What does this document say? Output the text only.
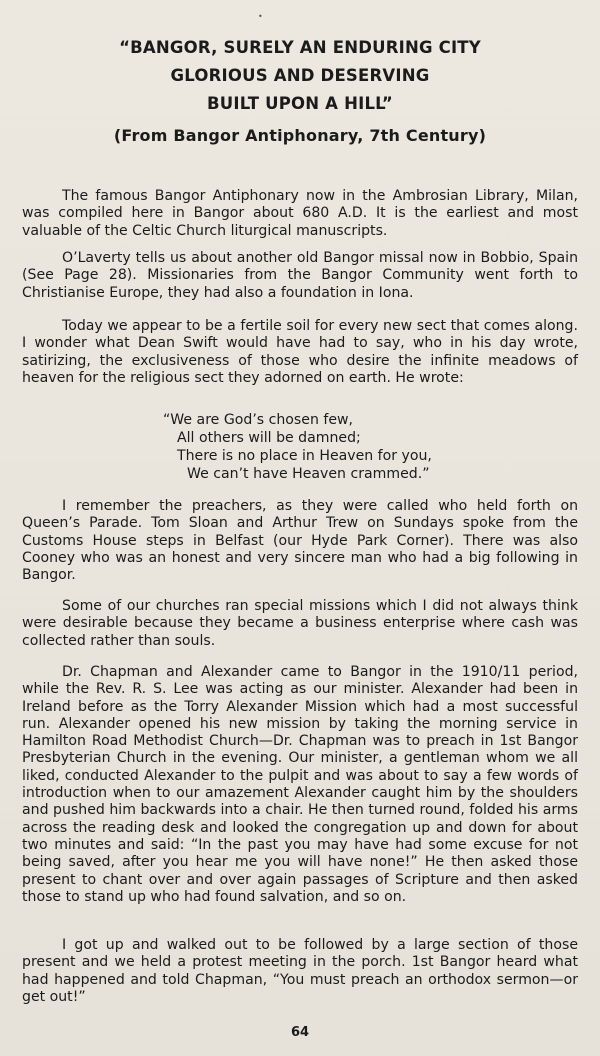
•
“BANGOR, SURELY AN ENDURING CITY
GLORIOUS AND DESERVING
BUILT UPON A HILL”
(From Bangor Antiphonary, 7th Century)

The famous Bangor Antiphonary now in the Ambrosian Library, Milan, was compiled here in Bangor about 680 A.D. It is the earliest and most valuable of the Celtic Church liturgical manuscripts.

O’Laverty tells us about another old Bangor missal now in Bobbio, Spain (See Page 28). Missionaries from the Bangor Community went forth to Christianise Europe, they had also a foundation in Iona.

Today we appear to be a fertile soil for every new sect that comes along. I wonder what Dean Swift would have had to say, who in his day wrote, satirizing, the exclusiveness of those who desire the infinite meadows of heaven for the religious sect they adorned on earth. He wrote:

“We are God’s chosen few,
All others will be damned;
There is no place in Heaven for you,
We can’t have Heaven crammed.”

I remember the preachers, as they were called who held forth on Queen’s Parade. Tom Sloan and Arthur Trew on Sundays spoke from the Customs House steps in Belfast (our Hyde Park Corner). There was also Cooney who was an honest and very sincere man who had a big following in Bangor.

Some of our churches ran special missions which I did not always think were desirable because they became a business enterprise where cash was collected rather than souls.

Dr. Chapman and Alexander came to Bangor in the 1910/11 period, while the Rev. R. S. Lee was acting as our minister. Alexander had been in Ireland before as the Torry Alexander Mission which had a most successful run. Alexander opened his new mission by taking the morning service in Hamilton Road Methodist Church—Dr. Chapman was to preach in 1st Bangor Presbyterian Church in the evening. Our minister, a gentleman whom we all liked, conducted Alexander to the pulpit and was about to say a few words of introduction when to our amazement Alexander caught him by the shoulders and pushed him backwards into a chair. He then turned round, folded his arms across the reading desk and looked the congregation up and down for about two minutes and said: “In the past you may have had some excuse for not being saved, after you hear me you will have none!” He then asked those present to chant over and over again passages of Scripture and then asked those to stand up who had found salvation, and so on.

I got up and walked out to be followed by a large section of those present and we held a protest meeting in the porch. 1st Bangor heard what had happened and told Chapman, “You must preach an orthodox sermon—or get out!”

64
